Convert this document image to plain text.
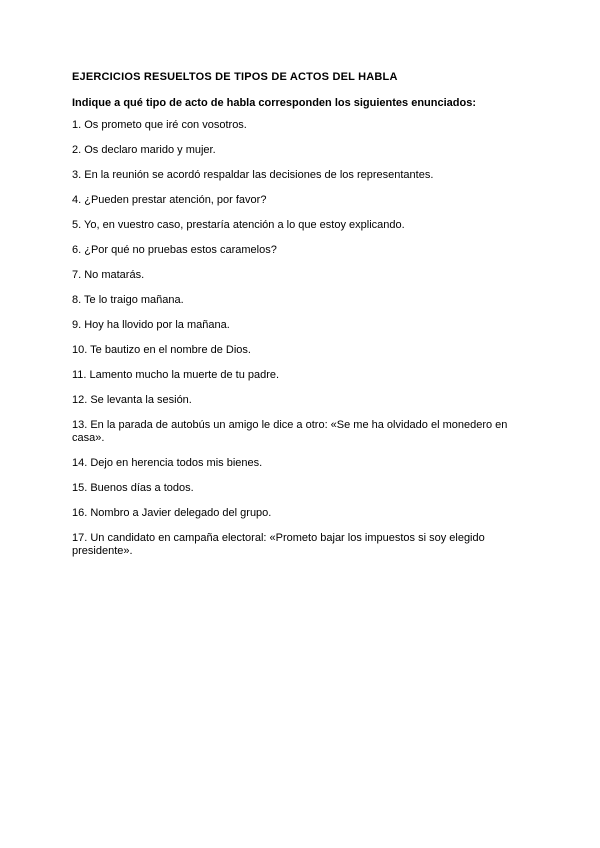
EJERCICIOS RESUELTOS DE TIPOS DE ACTOS DEL HABLA
Indique a qué tipo de acto de habla corresponden los siguientes enunciados:
1. Os prometo que iré con vosotros.
2. Os declaro marido y mujer.
3. En la reunión se acordó respaldar las decisiones de los representantes.
4. ¿Pueden prestar atención, por favor?
5. Yo, en vuestro caso, prestaría atención a lo que estoy explicando.
6. ¿Por qué no pruebas estos caramelos?
7. No matarás.
8. Te lo traigo mañana.
9. Hoy ha llovido por la mañana.
10. Te bautizo en el nombre de Dios.
11. Lamento mucho la muerte de tu padre.
12. Se levanta la sesión.
13. En la parada de autobús un amigo le dice a otro: «Se me ha olvidado el monedero en casa».
14. Dejo en herencia todos mis bienes.
15. Buenos días a todos.
16. Nombro a Javier delegado del grupo.
17. Un candidato en campaña electoral: «Prometo bajar los impuestos si soy elegido presidente».
